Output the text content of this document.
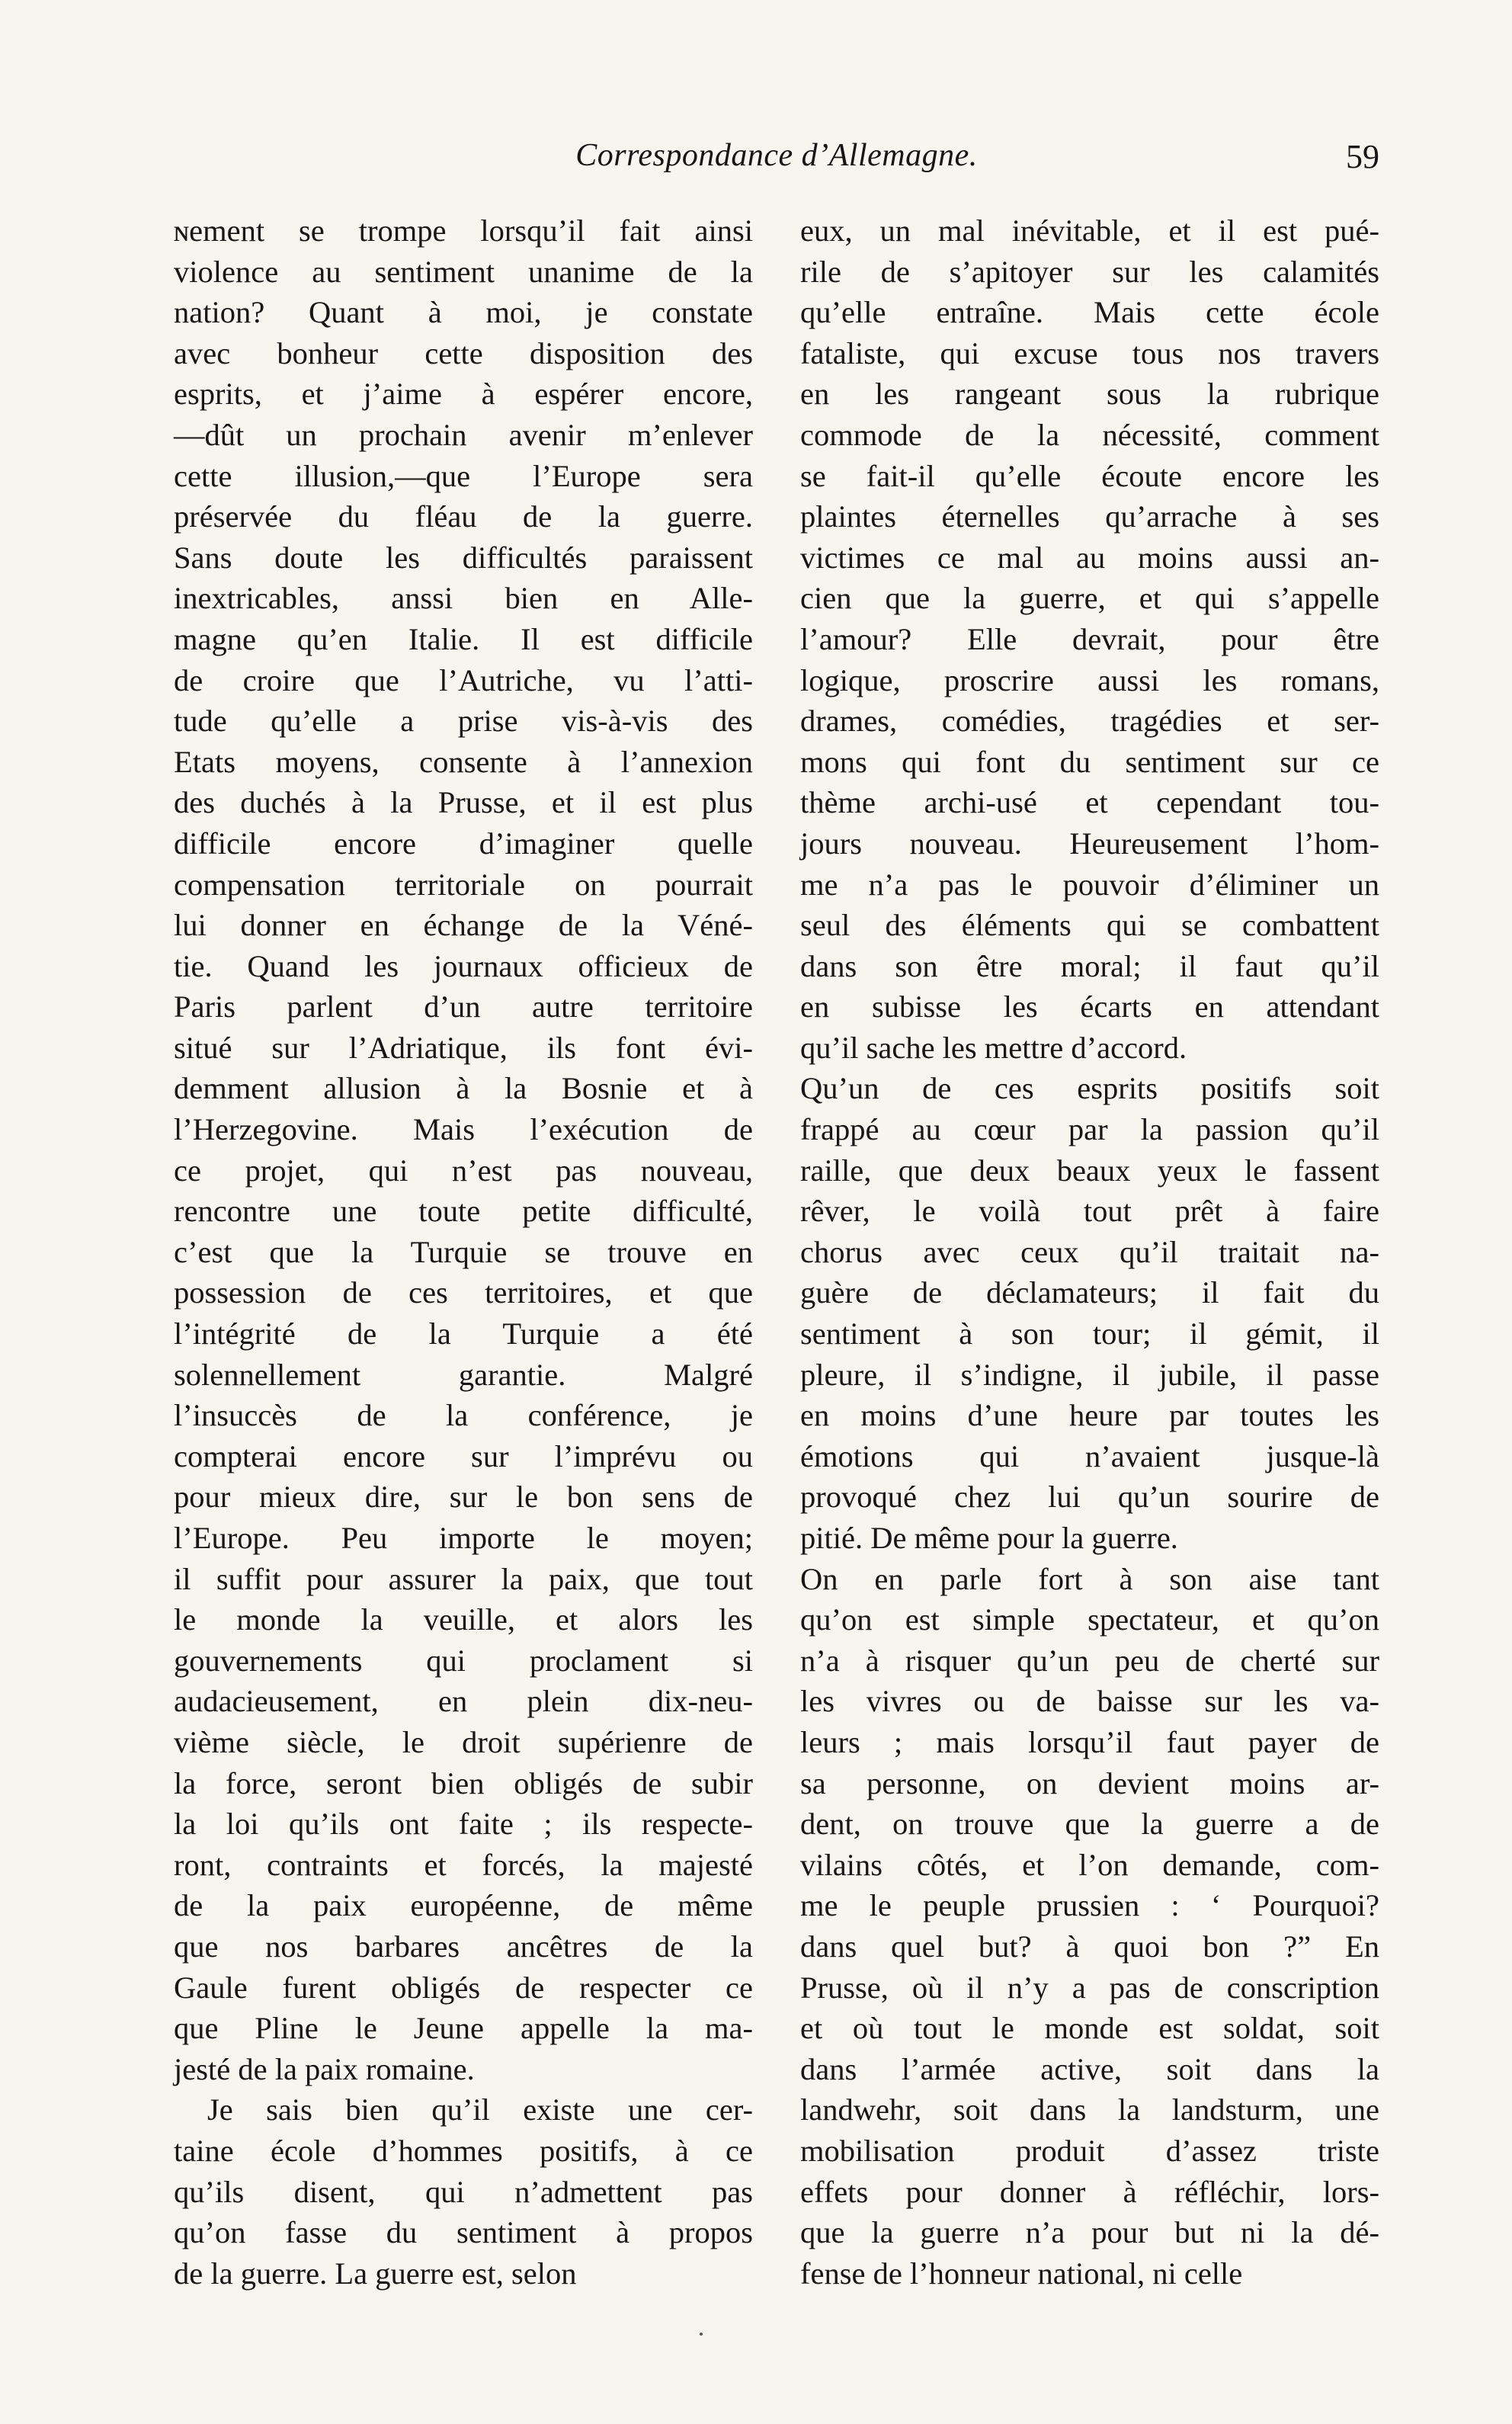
Correspondance d’Allemagne.	59
ɴement se trompe lorsqu’il fait ainsi
violence au sentiment unanime de la
nation? Quant à moi, je constate
avec bonheur cette disposition des
esprits, et j’aime à espérer encore,
—dût un prochain avenir m’enlever
cette illusion,—que l’Europe sera
préservée du fléau de la guerre.
Sans doute les difficultés paraissent
inextricables, anssi bien en Alle-
magne qu’en Italie. Il est difficile
de croire que l’Autriche, vu l’atti-
tude qu’elle a prise vis-à-vis des
Etats moyens, consente à l’annexion
des duchés à la Prusse, et il est plus
difficile encore d’imaginer quelle
compensation territoriale on pourrait
lui donner en échange de la Véné-
tie. Quand les journaux officieux de
Paris parlent d’un autre territoire
situé sur l’Adriatique, ils font évi-
demment allusion à la Bosnie et à
l’Herzegovine. Mais l’exécution de
ce projet, qui n’est pas nouveau,
rencontre une toute petite difficulté,
c’est que la Turquie se trouve en
possession de ces territoires, et que
l’intégrité de la Turquie a été
solennellement garantie. Malgré
l’insuccès de la conférence, je
compterai encore sur l’imprévu ou
pour mieux dire, sur le bon sens de
l’Europe. Peu importe le moyen;
il suffit pour assurer la paix, que tout
le monde la veuille, et alors les
gouvernements qui proclament si
audacieusement, en plein dix-neu-
vième siècle, le droit supérienre de
la force, seront bien obligés de subir
la loi qu’ils ont faite ; ils respecte-
ront, contraints et forcés, la majesté
de la paix européenne, de même
que nos barbares ancêtres de la
Gaule furent obligés de respecter ce
que Pline le Jeune appelle la ma-
jesté de la paix romaine.
Je sais bien qu’il existe une cer-
taine école d’hommes positifs, à ce
qu’ils disent, qui n’admettent pas
qu’on fasse du sentiment à propos
de la guerre. La guerre est, selon
eux, un mal inévitable, et il est pué-
rile de s’apitoyer sur les calamités
qu’elle entraîne. Mais cette école
fataliste, qui excuse tous nos travers
en les rangeant sous la rubrique
commode de la nécessité, comment
se fait-il qu’elle écoute encore les
plaintes éternelles qu’arrache à ses
victimes ce mal au moins aussi an-
cien que la guerre, et qui s’appelle
l’amour? Elle devrait, pour être
logique, proscrire aussi les romans,
drames, comédies, tragédies et ser-
mons qui font du sentiment sur ce
thème archi-usé et cependant tou-
jours nouveau. Heureusement l’hom-
me n’a pas le pouvoir d’éliminer un
seul des éléments qui se combattent
dans son être moral; il faut qu’il
en subisse les écarts en attendant
qu’il sache les mettre d’accord.
Qu’un de ces esprits positifs soit
frappé au cœur par la passion qu’il
raille, que deux beaux yeux le fassent
rêver, le voilà tout prêt à faire
chorus avec ceux qu’il traitait na-
guère de déclamateurs; il fait du
sentiment à son tour; il gémit, il
pleure, il s’indigne, il jubile, il passe
en moins d’une heure par toutes les
émotions qui n’avaient jusque-là
provoqué chez lui qu’un sourire de
pitié. De même pour la guerre.
On en parle fort à son aise tant
qu’on est simple spectateur, et qu’on
n’a à risquer qu’un peu de cherté sur
les vivres ou de baisse sur les va-
leurs ; mais lorsqu’il faut payer de
sa personne, on devient moins ar-
dent, on trouve que la guerre a de
vilains côtés, et l’on demande, com-
me le peuple prussien : ‘ Pourquoi?
dans quel but? à quoi bon ?” En
Prusse, où il n’y a pas de conscription
et où tout le monde est soldat, soit
dans l’armée active, soit dans la
landwehr, soit dans la landsturm, une
mobilisation produit d’assez triste
effets pour donner à réfléchir, lors-
que la guerre n’a pour but ni la dé-
fense de l’honneur national, ni celle
